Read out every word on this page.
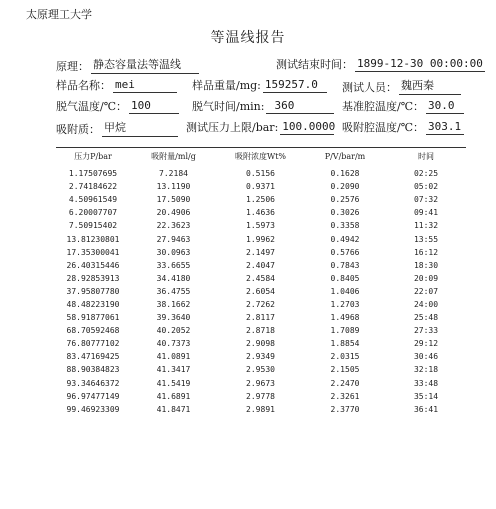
太原理工大学
等温线报告
原理： 静态容量法等温线	测试结束时间： 1899-12-30 00:00:00
样品名称： mei	样品重量/mg: 159257.0	测试人员： 魏西秦
脱气温度/℃： 100	脱气时间/min: 360	基准腔温度/℃： 30.0
吸附质： 甲烷	测试压力上限/bar: 100.0000 吸附腔温度/℃： 303.1
压力P/bar	吸附量/ml/g	吸附浓度Wt%	P/V/bar/m	时间
1.17507695	7.2184	0.5156	0.1628	02:25
2.74184622	13.1190	0.9371	0.2090	05:02
4.50961549	17.5090	1.2506	0.2576	07:32
6.20007707	20.4906	1.4636	0.3026	09:41
7.50915402	22.3623	1.5973	0.3358	11:32
13.81230801	27.9463	1.9962	0.4942	13:55
17.35300041	30.0963	2.1497	0.5766	16:12
26.40315446	33.6655	2.4047	0.7843	18:30
28.92853913	34.4180	2.4584	0.8405	20:09
37.95807780	36.4755	2.6054	1.0406	22:07
48.48223190	38.1662	2.7262	1.2703	24:00
58.91877061	39.3640	2.8117	1.4968	25:48
68.70592468	40.2052	2.8718	1.7089	27:33
76.80777102	40.7373	2.9098	1.8854	29:12
83.47169425	41.0891	2.9349	2.0315	30:46
88.90384823	41.3417	2.9530	2.1505	32:18
93.34646372	41.5419	2.9673	2.2470	33:48
96.97477149	41.6891	2.9778	2.3261	35:14
99.46923309	41.8471	2.9891	2.3770	36:41
